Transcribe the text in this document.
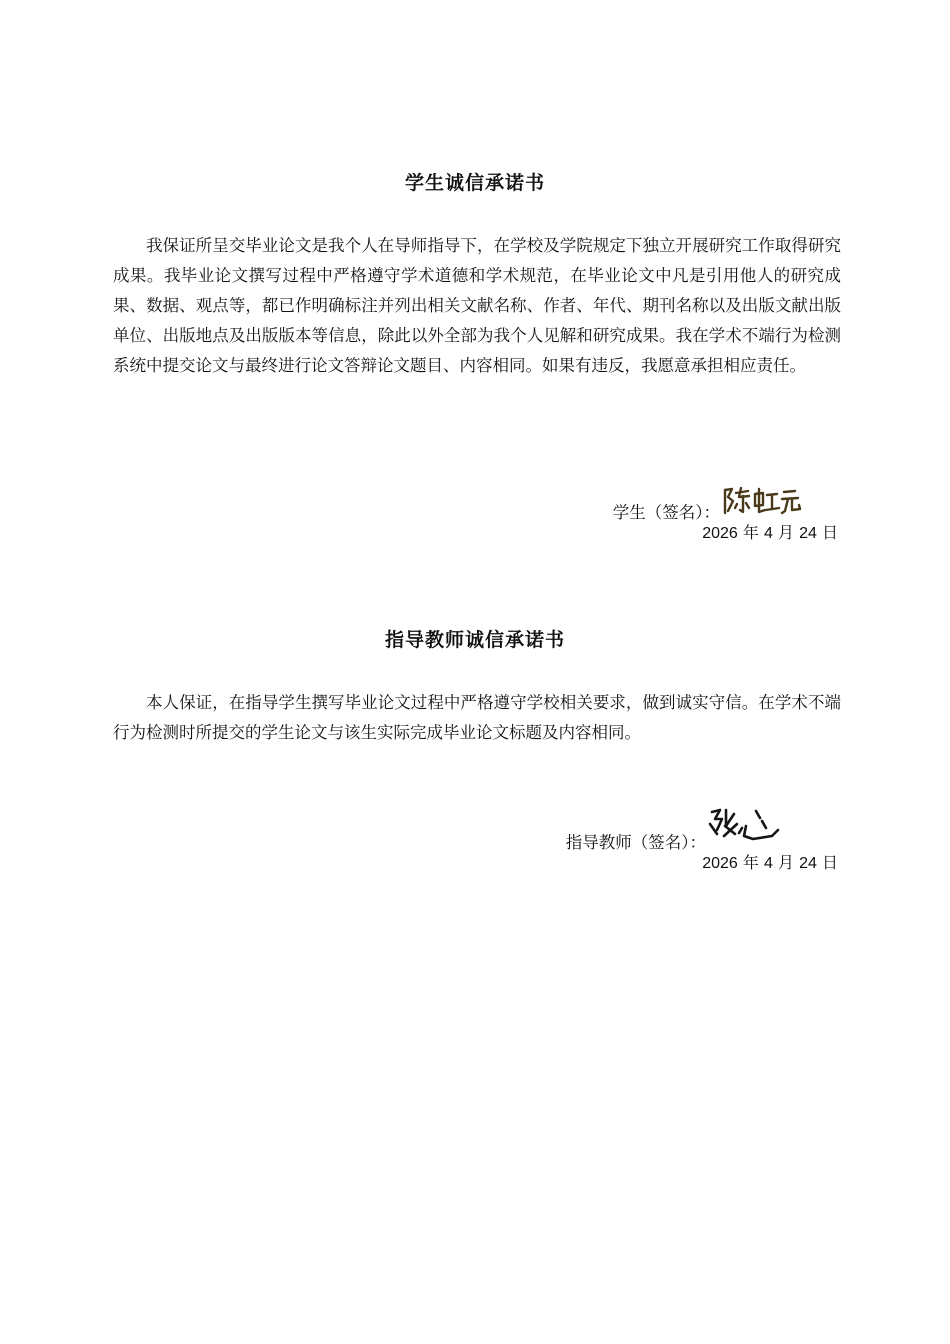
学生诚信承诺书
我保证所呈交毕业论文是我个人在导师指导下，在学校及学院规定下独立开展研究工作取得研究成果。我毕业论文撰写过程中严格遵守学术道德和学术规范，在毕业论文中凡是引用他人的研究成果、数据、观点等，都已作明确标注并列出相关文献名称、作者、年代、期刊名称以及出版文献出版单位、出版地点及出版版本等信息，除此以外全部为我个人见解和研究成果。我在学术不端行为检测系统中提交论文与最终进行论文答辩论文题目、内容相同。如果有违反，我愿意承担相应责任。
学生（签名）：
2026 年 4 月 24 日
指导教师诚信承诺书
本人保证，在指导学生撰写毕业论文过程中严格遵守学校相关要求，做到诚实守信。在学术不端行为检测时所提交的学生论文与该生实际完成毕业论文标题及内容相同。
指导教师（签名）：
2026 年 4 月 24 日
